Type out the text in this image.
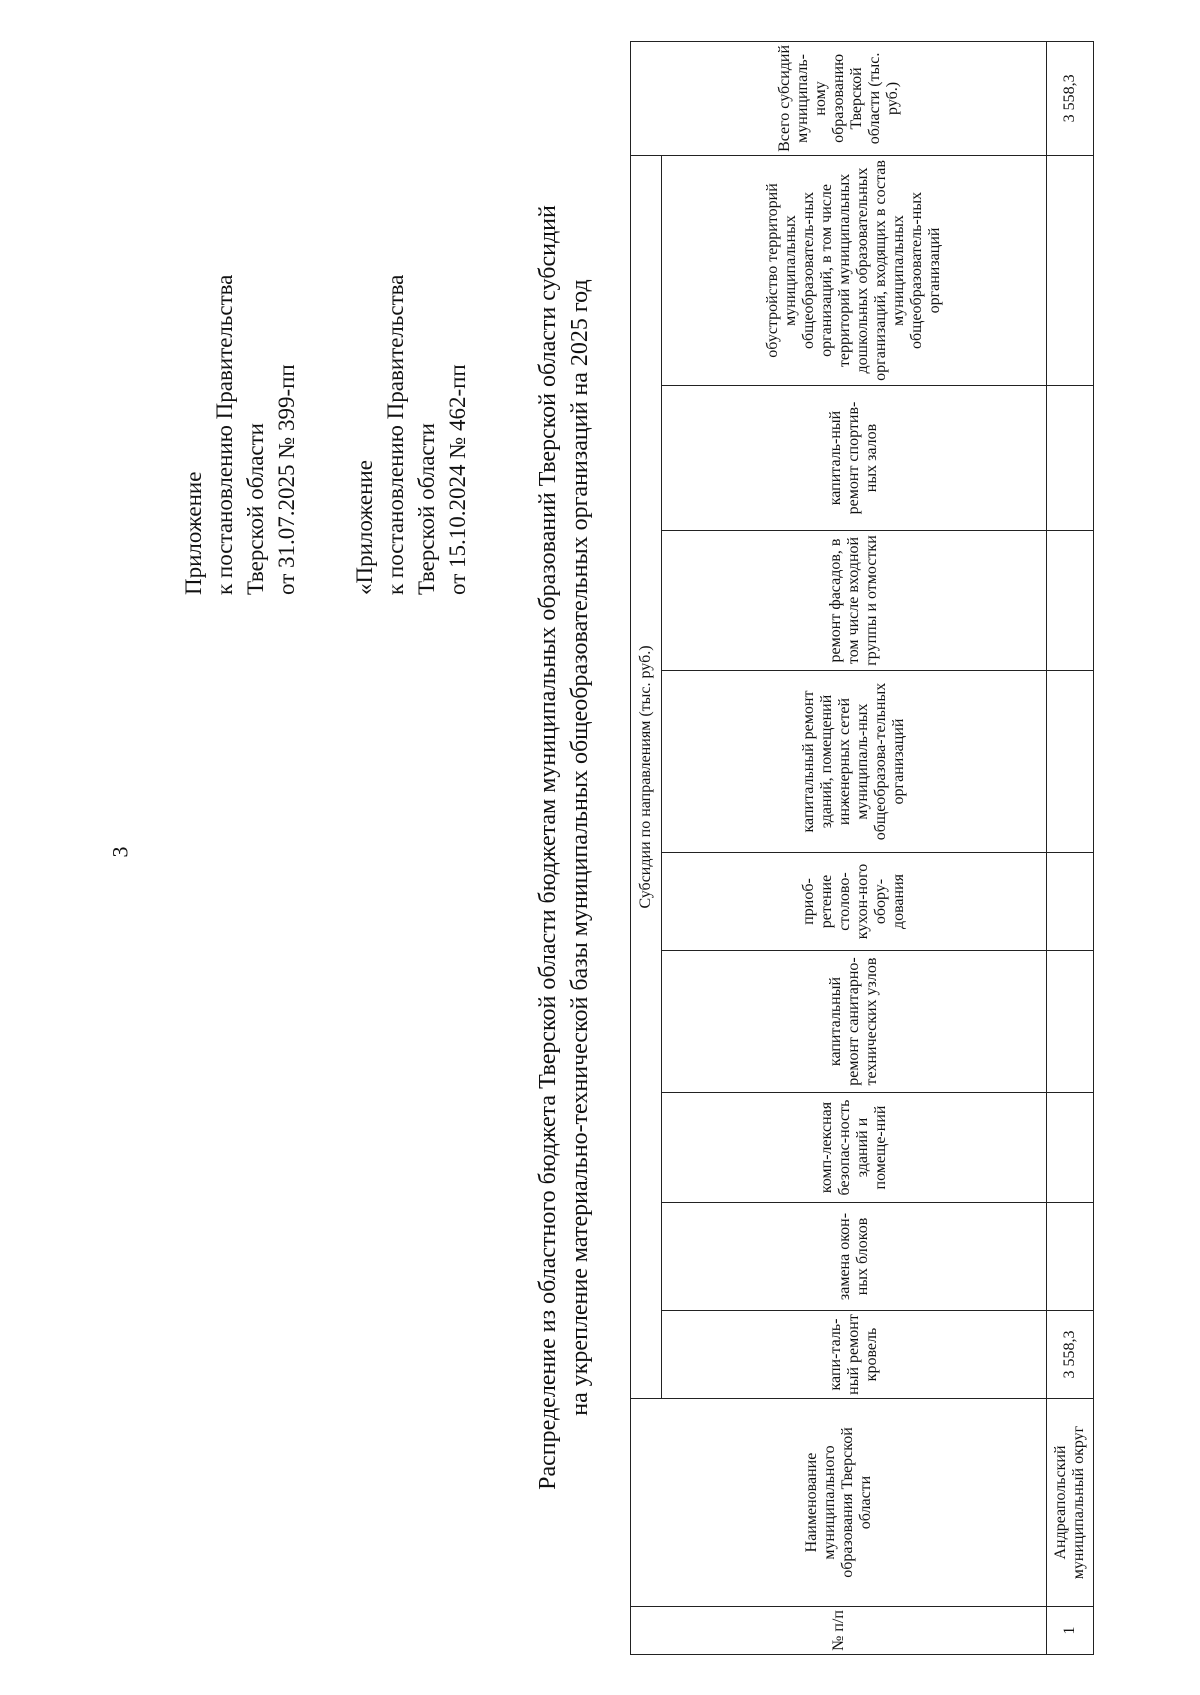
3

Приложение к постановлению Правительства Тверской области от 31.07.2025 № 399-пп «Приложение к постановлению Правительства Тверской области от 15.10.2024 № 462-пп	Распределение из областного бюджета Тверской области бюджетам муниципальных образований Тверской области субсидий на укрепление материально-технической базы муниципальных общеобразовательных организаций на 2025 год
№ п/п	Наименование муниципального образования Тверской области	Субсидии по направлениям (тыс. руб.)									Всего субсидий муниципаль-ному образованию Тверской области (тыс. руб.)
		капи-таль-ный ремонт кровель	замена окон-ных блоков	комп-лексная безопас-ность зданий и помеще-ний	капитальный ремонт санитарно-технических узлов	приоб-ретение столово-кухон-ного обору-дования	капитальный ремонт зданий, помещений инженерных сетей муниципаль-ных общеобразова-тельных организаций	ремонт фасадов, в том числе входной группы и отмостки	капиталь-ный ремонт спортив-ных залов	обустройство территорий муниципальных общеобразователь-ных организаций, в том числе территорий муниципальных дошкольных образовательных организаций, входящих в состав муниципальных общеобразователь-ных организаций	
1	Андреапольский муниципальный округ	3 558,3									3 558,3
